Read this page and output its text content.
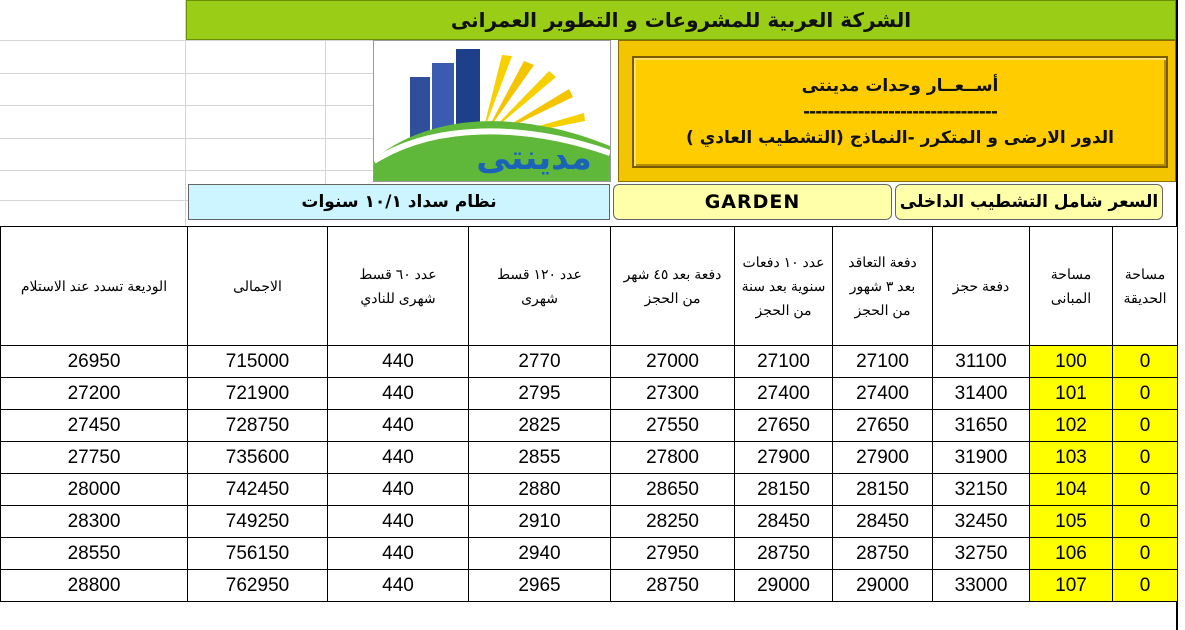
الشركة العربية للمشروعات و التطوير العمرانى
مدينتى
أســعــار وحدات مدينتى
--------------------------------
الدور الارضى و المتكرر -النماذج (التشطيب العادي )
نظام سداد ١٠/١ سنوات	GARDEN	السعر شامل التشطيب الداخلى
الوديعة تسدد عند الاستلام	الاجمالى	عدد ٦٠ قسط شهرى للنادي	عدد ١٢٠ قسط شهرى	دفعة بعد ٤٥ شهر من الحجز	عدد ١٠ دفعات سنوية بعد سنة من الحجز	دفعة التعاقد بعد ٣ شهور من الحجز	دفعة حجز	مساحة المبانى	مساحة الحديقة
26950	715000	440	2770	27000	27100	27100	31100	100	0
27200	721900	440	2795	27300	27400	27400	31400	101	0
27450	728750	440	2825	27550	27650	27650	31650	102	0
27750	735600	440	2855	27800	27900	27900	31900	103	0
28000	742450	440	2880	28650	28150	28150	32150	104	0
28300	749250	440	2910	28250	28450	28450	32450	105	0
28550	756150	440	2940	27950	28750	28750	32750	106	0
28800	762950	440	2965	28750	29000	29000	33000	107	0
